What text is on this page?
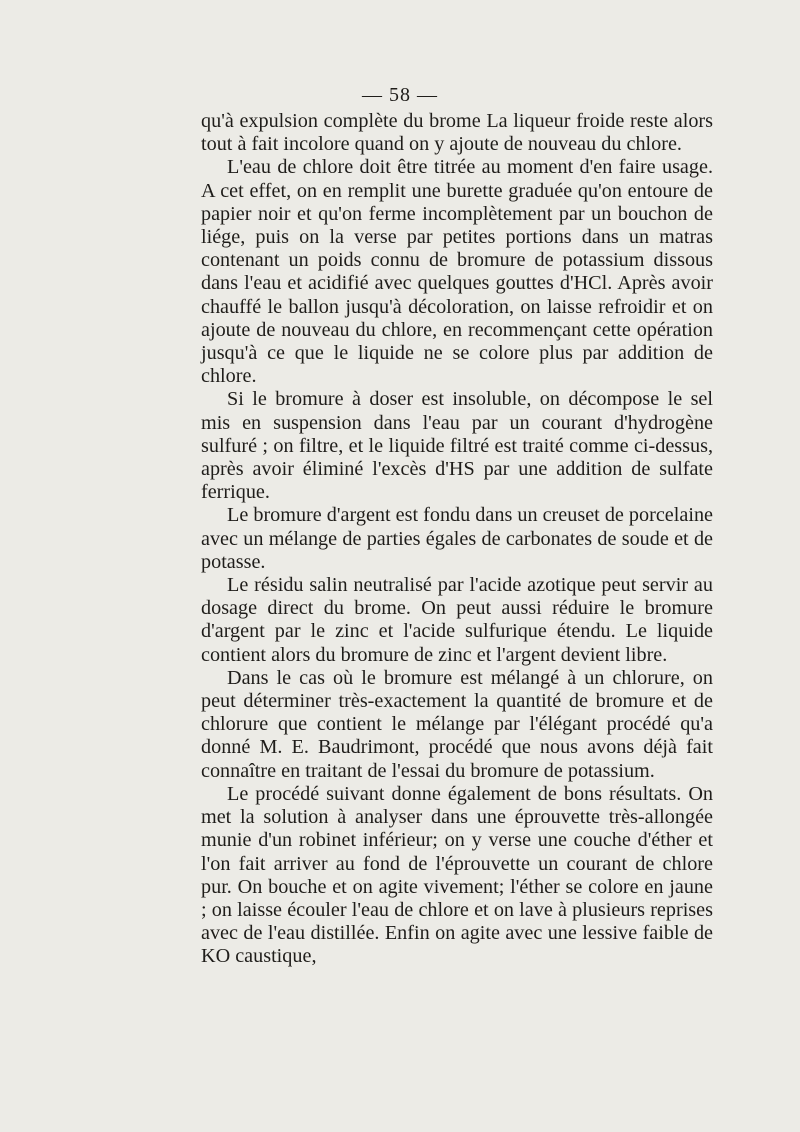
— 58 —

qu'à expulsion complète du brome La liqueur froide reste alors tout à fait incolore quand on y ajoute de nouveau du chlore.

L'eau de chlore doit être titrée au moment d'en faire usage. A cet effet, on en remplit une burette graduée qu'on entoure de papier noir et qu'on ferme incomplètement par un bouchon de liége, puis on la verse par petites portions dans un matras contenant un poids connu de bromure de potassium dissous dans l'eau et acidifié avec quelques gouttes d'HCl. Après avoir chauffé le ballon jusqu'à décoloration, on laisse refroidir et on ajoute de nouveau du chlore, en recommençant cette opération jusqu'à ce que le liquide ne se colore plus par addition de chlore.

Si le bromure à doser est insoluble, on décompose le sel mis en suspension dans l'eau par un courant d'hydrogène sulfuré ; on filtre, et le liquide filtré est traité comme ci-dessus, après avoir éliminé l'excès d'HS par une addition de sulfate ferrique.

Le bromure d'argent est fondu dans un creuset de porcelaine avec un mélange de parties égales de carbonates de soude et de potasse.

Le résidu salin neutralisé par l'acide azotique peut servir au dosage direct du brome. On peut aussi réduire le bromure d'argent par le zinc et l'acide sulfurique étendu. Le liquide contient alors du bromure de zinc et l'argent devient libre.

Dans le cas où le bromure est mélangé à un chlorure, on peut déterminer très-exactement la quantité de bromure et de chlorure que contient le mélange par l'élégant procédé qu'a donné M. E. Baudrimont, procédé que nous avons déjà fait connaître en traitant de l'essai du bromure de potassium.

Le procédé suivant donne également de bons résultats. On met la solution à analyser dans une éprouvette très-allongée munie d'un robinet inférieur; on y verse une couche d'éther et l'on fait arriver au fond de l'éprouvette un courant de chlore pur. On bouche et on agite vivement; l'éther se colore en jaune ; on laisse écouler l'eau de chlore et on lave à plusieurs reprises avec de l'eau distillée. Enfin on agite avec une lessive faible de KO caustique,
